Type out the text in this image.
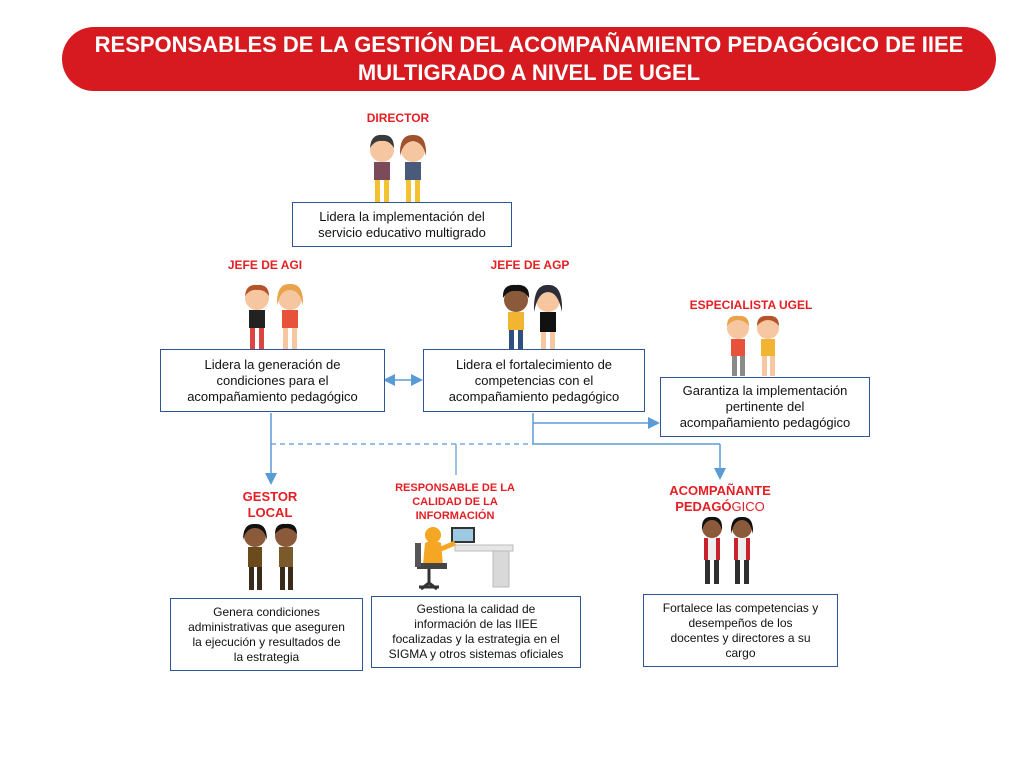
RESPONSABLES DE LA GESTIÓN DEL ACOMPAÑAMIENTO PEDAGÓGICO DE IIEE
MULTIGRADO A NIVEL DE UGEL
DIRECTOR
Lidera la implementación del
servicio educativo multigrado
JEFE DE AGI
Lidera la generación de
condiciones para el
acompañamiento pedagógico
JEFE DE AGP
Lidera el fortalecimiento de
competencias con el
acompañamiento pedagógico
ESPECIALISTA UGEL
Garantiza la implementación
pertinente del
acompañamiento pedagógico
GESTOR
LOCAL
Genera condiciones
administrativas que aseguren
la ejecución y resultados de
la estrategia
RESPONSABLE DE LA
CALIDAD DE LA
INFORMACIÓN
Gestiona la calidad de
información de las IIEE
focalizadas y la estrategia en el
SIGMA y otros sistemas oficiales
ACOMPAÑANTE
PEDAGÓGICO
Fortalece las competencias y
desempeños de los
docentes y directores a su
cargo
